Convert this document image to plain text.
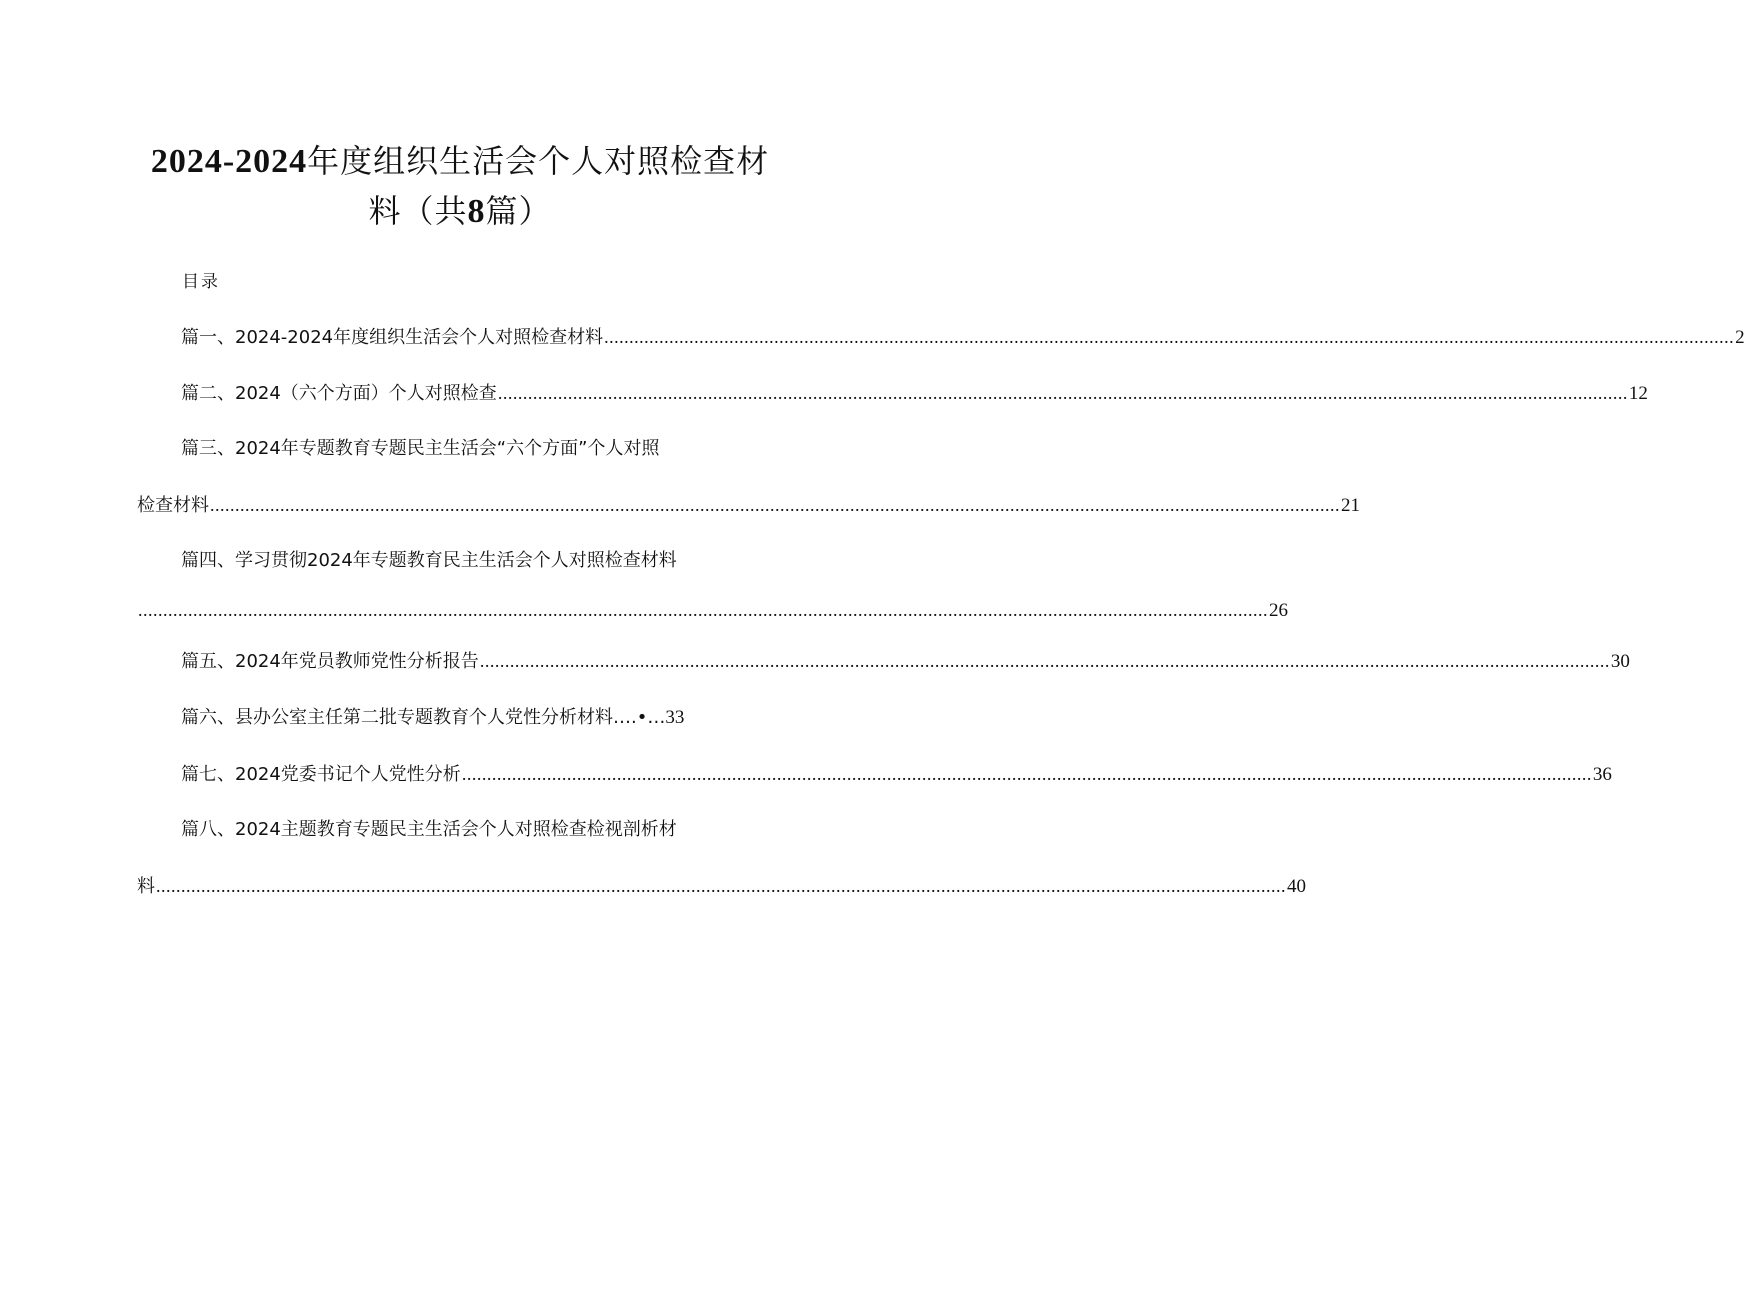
2024-2024年度组织生活会个人对照检查材
料（共8篇）
目录
篇一、2024-2024年度组织生活会个人对照检查材料 .................................................................................................................................................................................................................................. 2
篇二、2024（六个方面）个人对照检查 .................................................................................................................................................................................................................................. 12
篇三、2024年专题教育专题民主生活会“六个方面”个人对照
检查材料 .................................................................................................................................................................................................................................. 21
篇四、学习贯彻2024年专题教育民主生活会个人对照检查材料
.................................................................................................................................................................................................................................. 26
篇五、2024年党员教师党性分析报告 .................................................................................................................................................................................................................................. 30
篇六、县办公室主任第二批专题教育个人党性分析材料….•… 33
篇七、2024党委书记个人党性分析 .................................................................................................................................................................................................................................. 36
篇八、2024主题教育专题民主生活会个人对照检查检视剖析材
料 .................................................................................................................................................................................................................................. 40
